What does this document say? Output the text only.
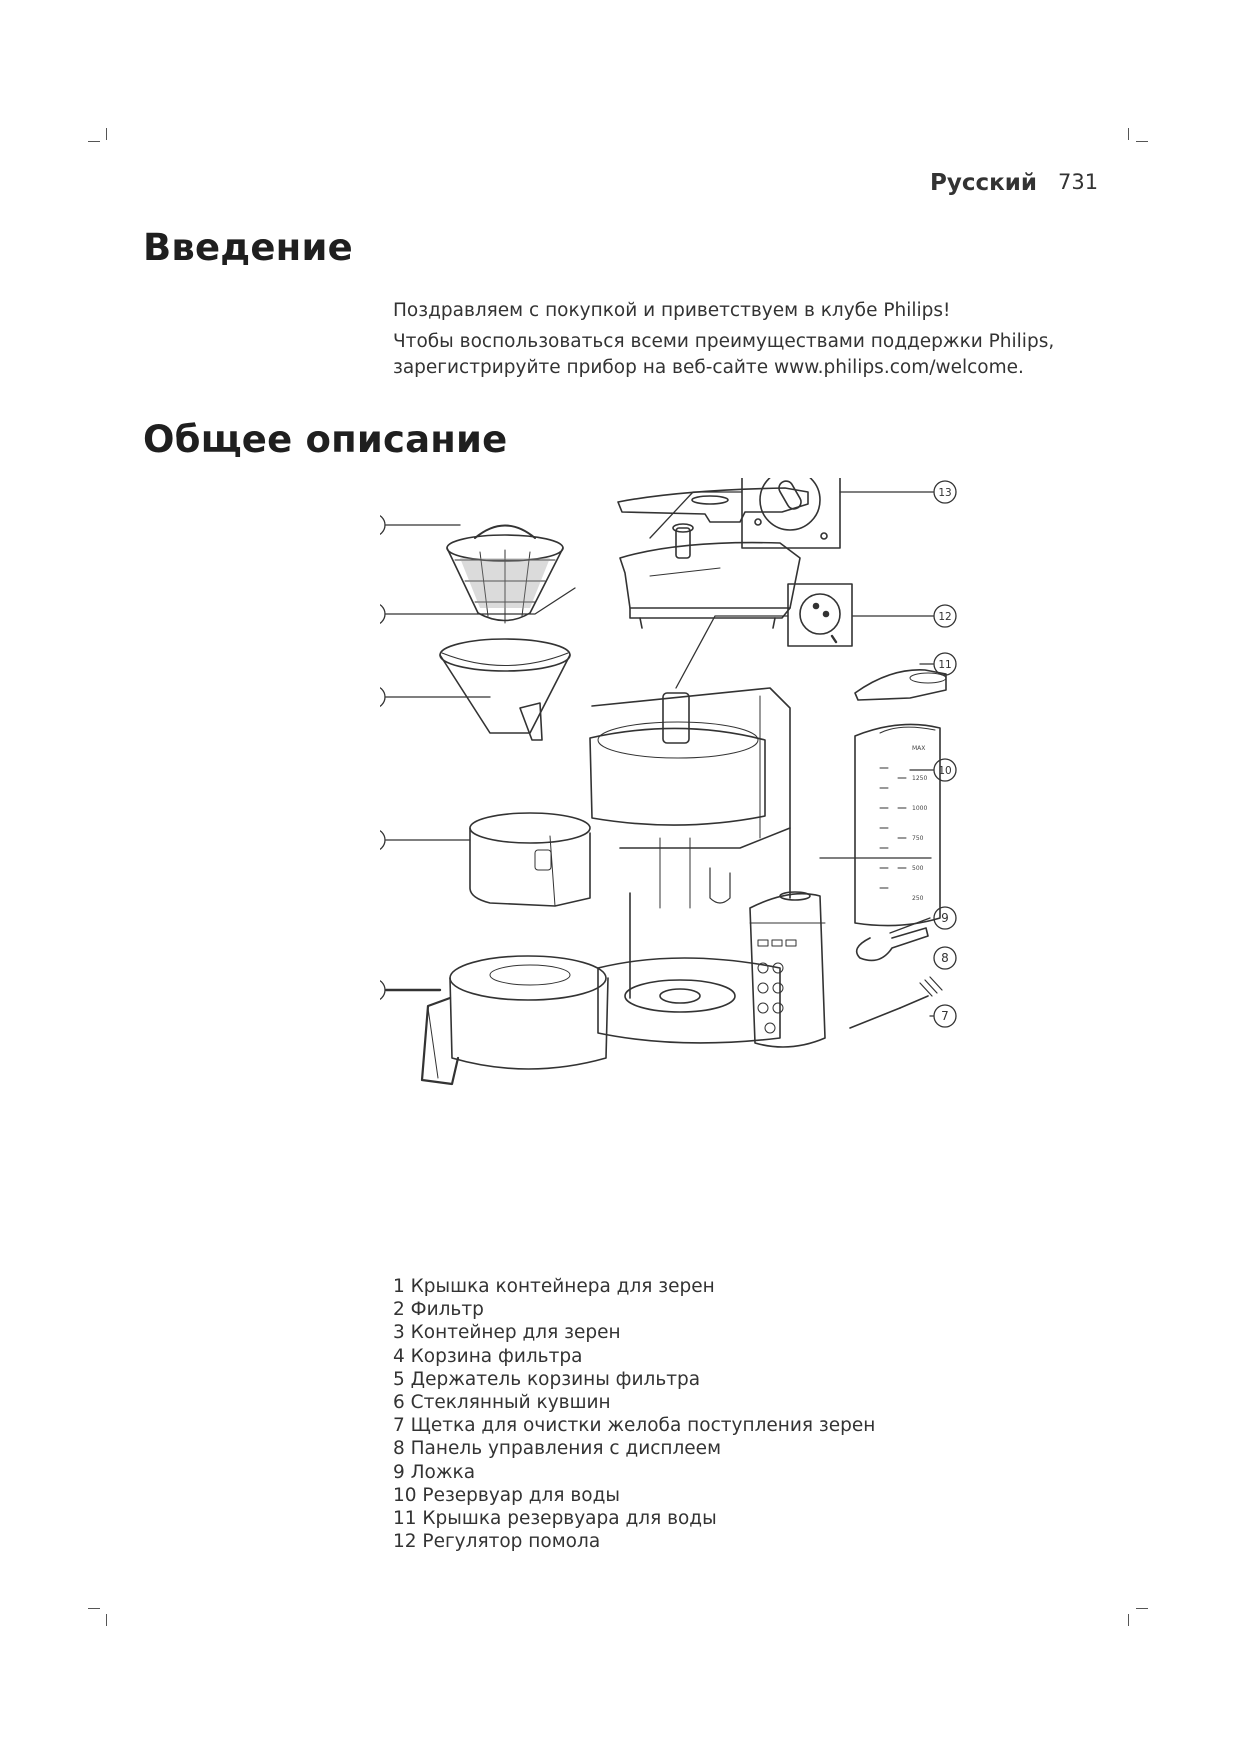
Русский 731
Введение

Поздравляем с покупкой и приветствуем в клубе Philips!

Чтобы воспользоваться всеми преимуществами поддержки Philips,
зарегистрируйте прибор на веб-сайте www.philips.com/welcome.
Общее описание
7
8
9
10
11
12
13
MAX
1250
1000
750
500
250
1 Крышка контейнера для зерен
2 Фильтр
3 Контейнер для зерен
4 Корзина фильтра
5 Держатель корзины фильтра
6 Стеклянный кувшин
7 Щетка для очистки желоба поступления зерен
8 Панель управления с дисплеем
9 Ложка
10 Резервуар для воды
11 Крышка резервуара для воды
12 Регулятор помола
